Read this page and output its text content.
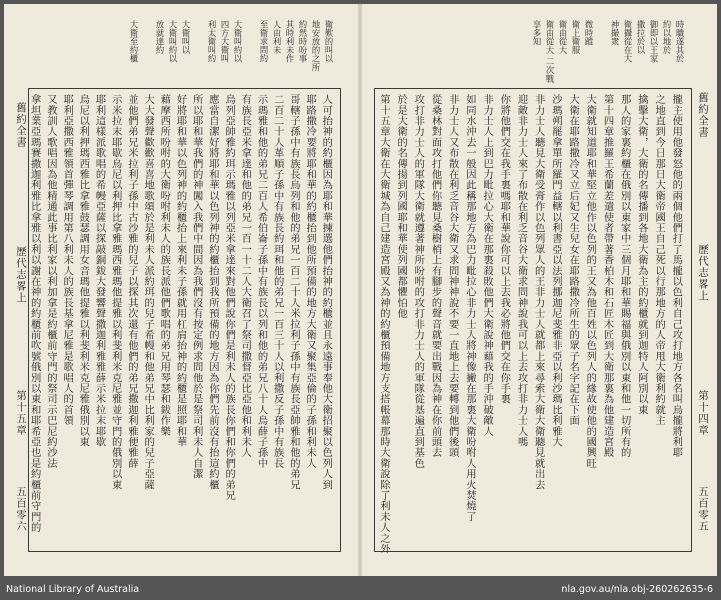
衛歎的叫以
地安放的之所
約然時吩事
其時利未作
人由利未
至衛求問約
大衛叫約以
四方大衛叫
利太衛叫約
大衛叫以
大衛叫約以
放就達約
大衛至約櫃
人可抬神的約櫃因為耶和華揀選他們抬神的約櫃並且永遠事奉他大衛招聚以色列人到
耶路撒冷要將耶和華的約櫃抬到他所預備的地方大衛又聚集亞倫的子孫和利未人
哥轄子孫中有族長烏列和他的弟兄一百二十人米拉利子孫中有族長亞帥雅和他的弟兄
二百二十人革順子孫中有族長約珥和他的弟兄一百三十人以利撒反子孫中有族長
示瑪雅和他的弟兄二百人希伯崙子孫中有族長以列和他的弟兄八十人烏薛子孫中
有族長亞米拿達和他的弟兄一百一十二人大衛召了祭司撒督亞比亞他和利未人
烏列亞帥雅約珥示瑪雅以列亞米拿達來對他們說你們是利未人的族長你們和你們的弟兄
應當自潔好將耶和華以色列神的約櫃抬到我所預備的地方因為你們先前沒有抬這約櫃
所以耶和華我們的神闖入我們中間因為我們沒有按定例求問他於是祭司利未人自潔
好將耶和華以色列神的約櫃抬上來利未子孫就用杠肩抬神的約櫃是照耶和華
藉摩西所吩咐的大衛吩咐利未人的族長派他們歌唱的弟兄用琴瑟和鈸作樂
大大發聲歡歡喜喜地歌頌於是利未人派約珥的兒子希幔和他弟兄中比利家的兒子亞薩
並他們弟兄米拉利子孫中古沙雅的兒子以探其次還有他們的弟兄撒迦利雅便雅薛
示米拉末耶歇烏尼以利押比拿雅瑪西雅瑪他提雅以利斐利米克尼雅並守門的俄別以東
耶利這樣派歌唱的希幔亞薩以探敲銅鈸大發響聲撒迦利雅雅薛示米拉末耶歇
烏尼以利押瑪西雅比拿雅鼓瑟調用女音瑪他提雅以利斐利米克尼雅俄別以東
耶利亞撒西雅領首彈琴調用第八利未人的族長基拿尼雅是歌唱人的首領
又教訓人歌唱因為他精通此事比利家以利加拿是約櫃前守門的祭司示巴尼約沙法
拿坦業亞瑪賽撒迦利雅比拿雅以利以謝在神的約櫃前吹號俄別以東和耶希亞也是約櫃前守門的
舊約全書
歷代志畧上
第十五章
五百零六
時職遂其於
約以地於
御即以王家
撒拉於以
衛攝從在大
神撮衆
微時蹤
衛上衛服
衛由從大
衛由從大 二次戰
享多知
攏主使用他發怒他的兩個他們打了馬攏以色利自己攻打地方各名叫烏攏將利耶
之地直到今日那日大衛帝國王自己死以行那地方的人帝甩大衛利約就主
擒擊大衛，大衛的名傳播到各地大衛為主的約櫃就到迦特人阿別以東
那人的家裏約櫃在俄別以東家中三個月耶和華賜福與俄別以東和他一切所有的
第十四章推羅王希蘭差遣使者帶著香柏木和石匠木匠到大衛那裏為他建造宮殿
大衛就知道耶和華堅立他作以色列的王又為他百姓以色列人的緣故使他的國興旺
大衛在耶路撒冷又立后妃又生兒女在耶路撒冷所生的眾子名字記在下面
沙瑪朔罷拿單所羅門益轄以利書亞以法列挪迦尼斐雅非亞以利沙瑪比利雅大
非力士人聽見大衛受膏作以色列眾人的王非力士人就都上來尋索大衛大衛聽見就出去
迎敵非力士人來了布散在利乏音谷大衛求問神說我可以上去攻打非力士人嗎
你將他們交在我手裏嗎耶和華說你可以上去我必將他們交在你手裏
非力士人上到巴力毗拉心大衛在那裏殺敗他們大衛說神藉我的手沖破敵人
如同水沖去一般因此稱那地方為巴力毗拉心非力士人將神像撇在那裏大衛吩咐人用火焚燒了
非力士人又布散在利乏音谷大衛又求問神神說不要一直地上去要轉到他們後頭
從桑林對面攻打他們你聽見桑樹梢上有腳步的聲音就要出戰因為神在你前頭去
攻打非力士人的軍隊大衛就遵著神所吩咐的攻打非力士人的軍隊從基遍直到基色
於是大衛的名傳揚到列國耶和華使列國都懼怕他
第十五章大衛在大衛城為自己建造宮殿又為神的約櫃預備地方支搭帳幕那時大衛說除了利未人之外	舊約全書
歷代志畧上
第十四章
五百零五
National Library of Australia	nla.gov.au/nla.obj-260262635-6
